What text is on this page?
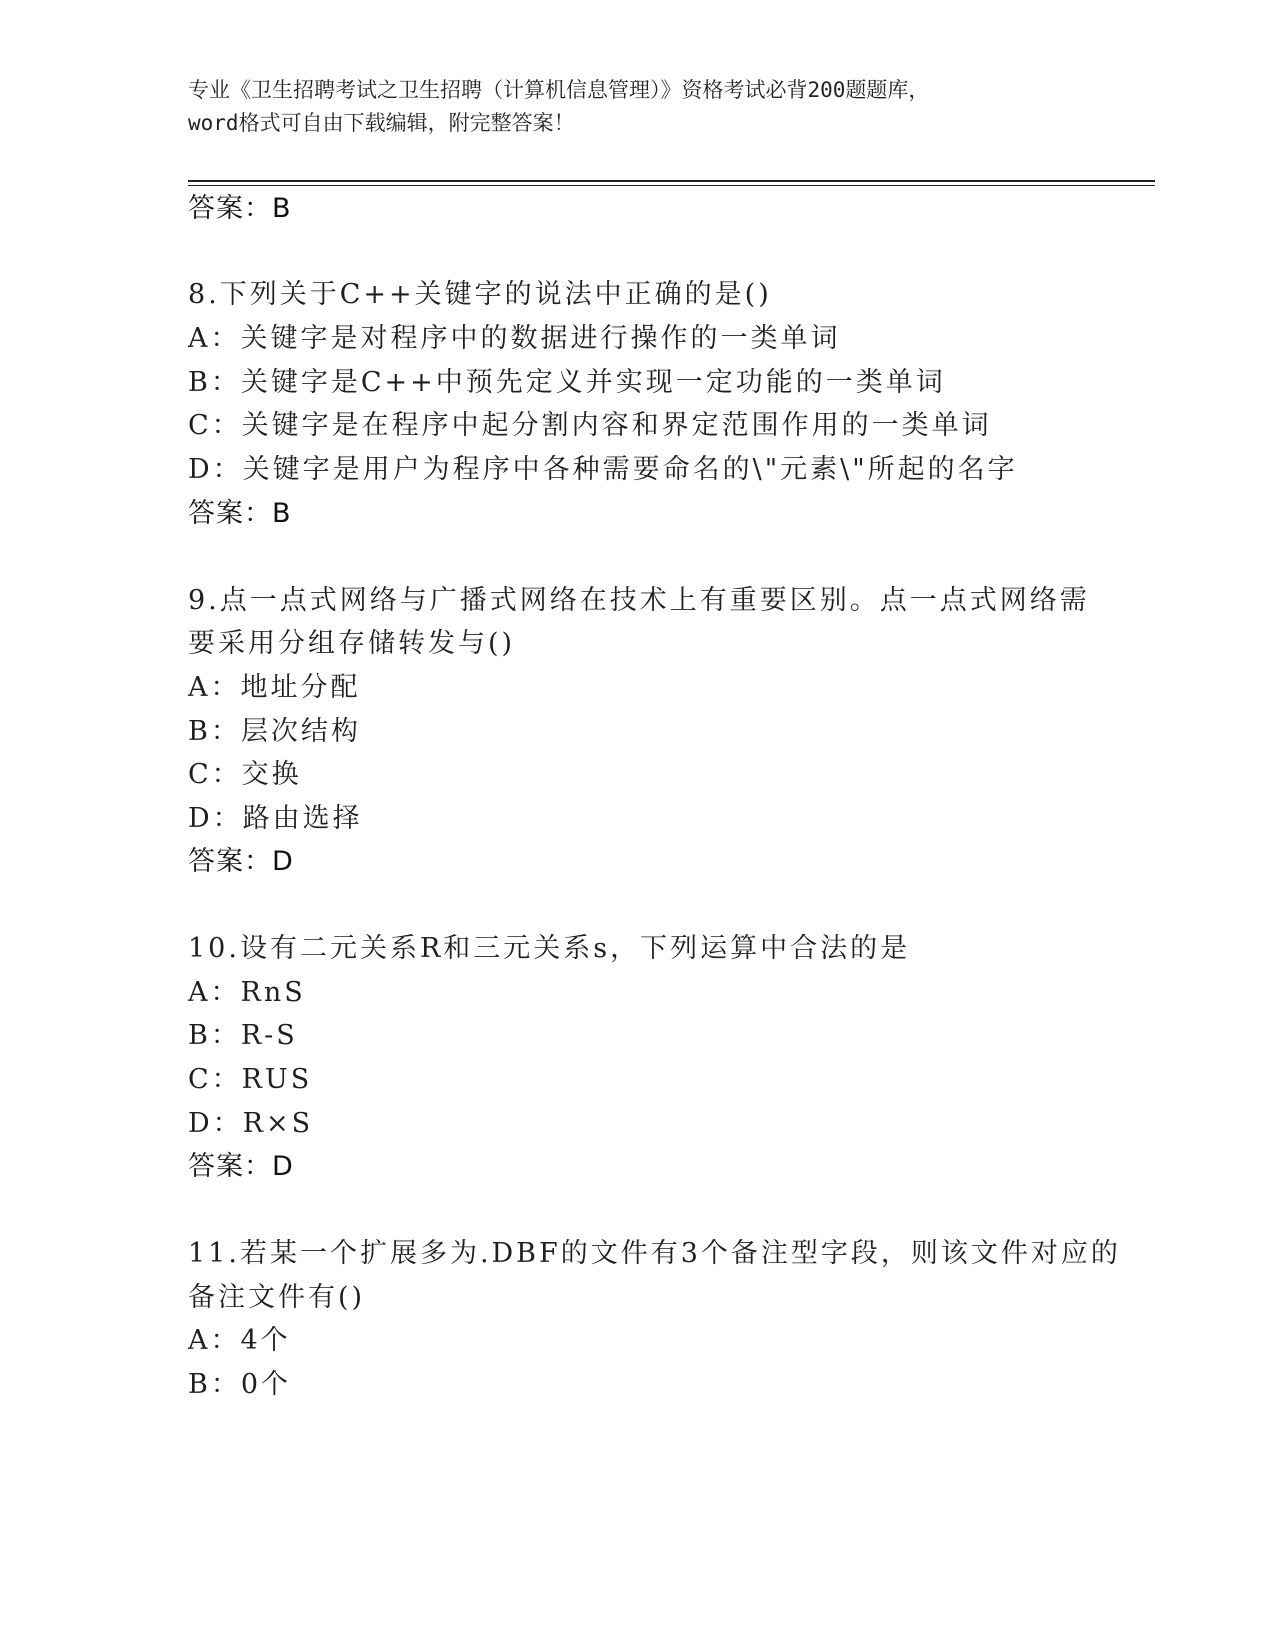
专业《卫生招聘考试之卫生招聘（计算机信息管理）》资格考试必背200题题库，
word格式可自由下载编辑，附完整答案！
答案：B
8.下列关于C++关键字的说法中正确的是()
A：关键字是对程序中的数据进行操作的一类单词
B：关键字是C++中预先定义并实现一定功能的一类单词
C：关键字是在程序中起分割内容和界定范围作用的一类单词
D：关键字是用户为程序中各种需要命名的\"元素\"所起的名字
答案：B
9.点一点式网络与广播式网络在技术上有重要区别。点一点式网络需
要采用分组存储转发与()
A：地址分配
B：层次结构
C：交换
D：路由选择
答案：D
10.设有二元关系R和三元关系s，下列运算中合法的是
A：RnS
B：R-S
C：RUS
D：R×S
答案：D
11.若某一个扩展多为.DBF的文件有3个备注型字段，则该文件对应的
备注文件有()
A：4个
B：0个
